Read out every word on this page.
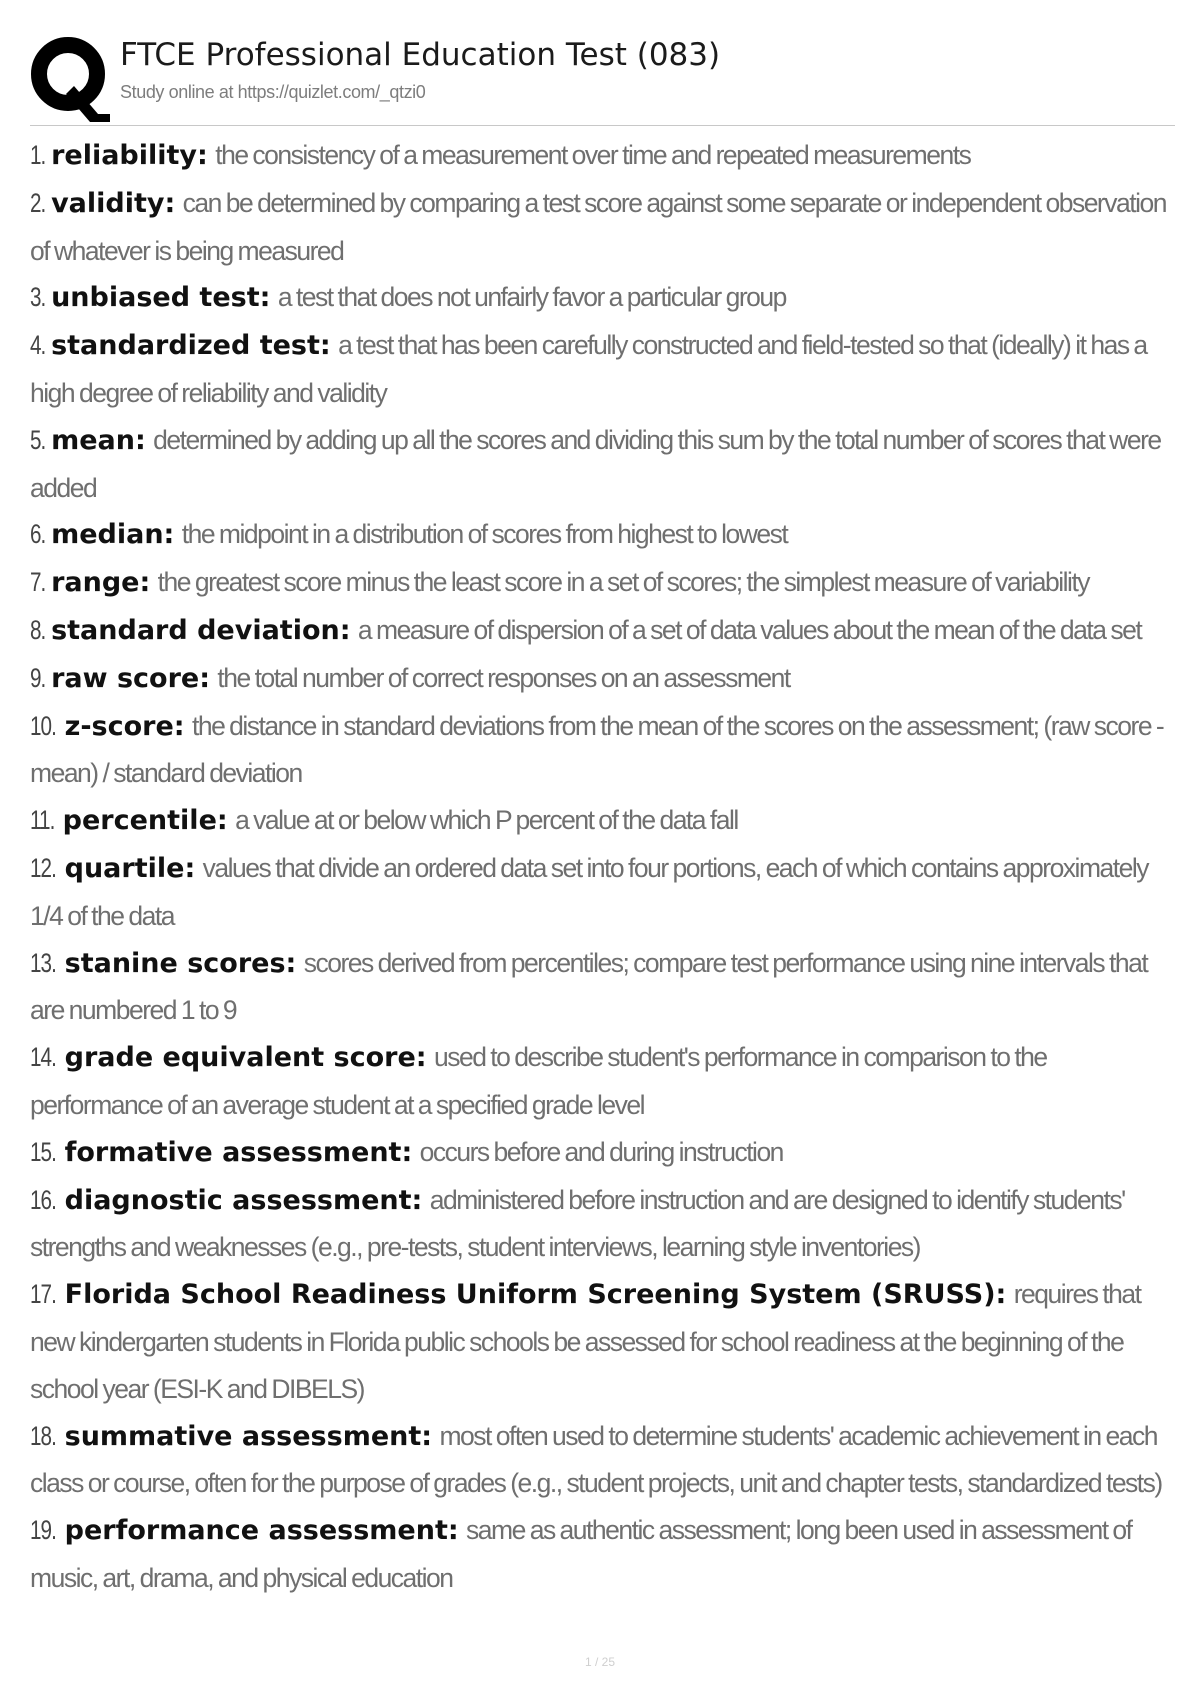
FTCE Professional Education Test (083)
Study online at https://quizlet.com/_qtzi0
1. reliability: the consistency of a measurement over time and repeated measurements
2. validity: can be determined by comparing a test score against some separate or independent observation of whatever is being measured
3. unbiased test: a test that does not unfairly favor a particular group
4. standardized test: a test that has been carefully constructed and field-tested so that (ideally) it has a high degree of reliability and validity
5. mean: determined by adding up all the scores and dividing this sum by the total number of scores that were added
6. median: the midpoint in a distribution of scores from highest to lowest
7. range: the greatest score minus the least score in a set of scores; the simplest measure of variability
8. standard deviation: a measure of dispersion of a set of data values about the mean of the data set
9. raw score: the total number of correct responses on an assessment
10. z-score: the distance in standard deviations from the mean of the scores on the assessment; (raw score - mean) / standard deviation
11. percentile: a value at or below which P percent of the data fall
12. quartile: values that divide an ordered data set into four portions, each of which contains approximately 1/4 of the data
13. stanine scores: scores derived from percentiles; compare test performance using nine intervals that are numbered 1 to 9
14. grade equivalent score: used to describe student's performance in comparison to the performance of an average student at a specified grade level
15. formative assessment: occurs before and during instruction
16. diagnostic assessment: administered before instruction and are designed to identify students' strengths and weaknesses (e.g., pre-tests, student interviews, learning style inventories)
17. Florida School Readiness Uniform Screening System (SRUSS): requires that new kindergarten students in Florida public schools be assessed for school readiness at the beginning of the school year (ESI-K and DIBELS)
18. summative assessment: most often used to determine students' academic achievement in each class or course, often for the purpose of grades (e.g., student projects, unit and chapter tests, standardized tests)
19. performance assessment: same as authentic assessment; long been used in assessment of music, art, drama, and physical education
1 / 25
